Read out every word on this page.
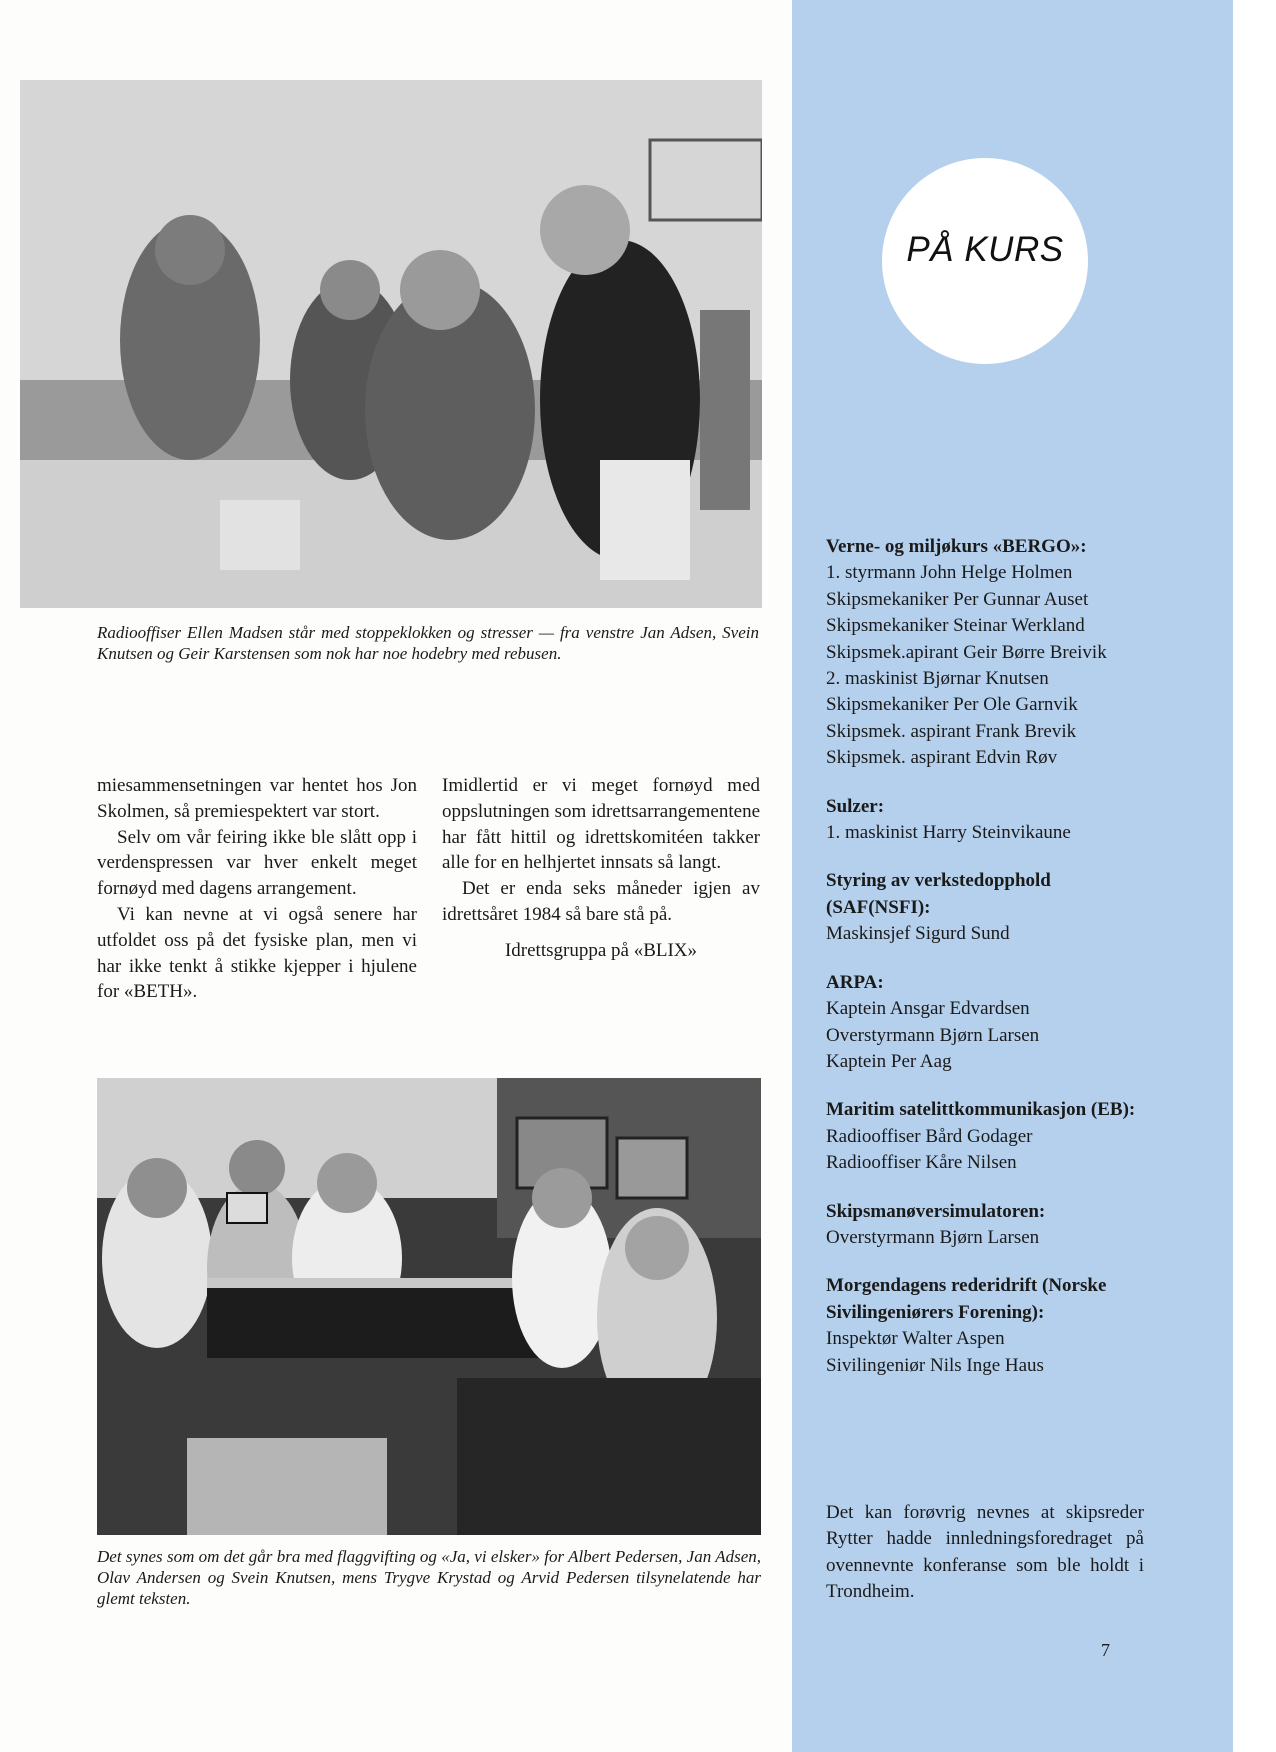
Radiooffiser Ellen Madsen står med stoppeklokken og stresser — fra venstre Jan Adsen, Svein Knutsen og Geir Karstensen som nok har noe hodebry med rebusen.

miesammensetningen var hentet hos Jon Skolmen, så premiespektert var stort.

Selv om vår feiring ikke ble slått opp i verdenspressen var hver enkelt meget fornøyd med dagens arrangement.

Vi kan nevne at vi også senere har utfoldet oss på det fysiske plan, men vi har ikke tenkt å stikke kjepper i hjulene for «BETH».

Imidlertid er vi meget fornøyd med oppslutningen som idrettsarrangementene har fått hittil og idrettskomitéen takker alle for en helhjertet innsats så langt.

Det er enda seks måneder igjen av idrettsåret 1984 så bare stå på.

Idrettsgruppa på «BLIX»

Det synes som om det går bra med flaggvifting og «Ja, vi elsker» for Albert Pedersen, Jan Adsen, Olav Andersen og Svein Knutsen, mens Trygve Krystad og Arvid Pedersen tilsynelatende har glemt teksten.
PÅ KURS
Verne- og miljøkurs «BERGO»:
1. styrmann John Helge Holmen
Skipsmekaniker Per Gunnar Auset
Skipsmekaniker Steinar Werkland
Skipsmek.apirant Geir Børre Breivik
2. maskinist Bjørnar Knutsen
Skipsmekaniker Per Ole Garnvik
Skipsmek. aspirant Frank Brevik
Skipsmek. aspirant Edvin Røv
Sulzer:
1. maskinist Harry Steinvikaune
Styring av verkstedopphold (SAF(NSFI):
Maskinsjef Sigurd Sund
ARPA:
Kaptein Ansgar Edvardsen
Overstyrmann Bjørn Larsen
Kaptein Per Aag
Maritim satelittkommunikasjon (EB):
Radiooffiser Bård Godager
Radiooffiser Kåre Nilsen
Skipsmanøversimulatoren:
Overstyrmann Bjørn Larsen
Morgendagens rederidrift (Norske Sivilingeniørers Forening):
Inspektør Walter Aspen
Sivilingeniør Nils Inge Haus
Det kan forøvrig nevnes at skipsreder Rytter hadde innledningsforedraget på ovennevnte konferanse som ble holdt i Trondheim.
7
